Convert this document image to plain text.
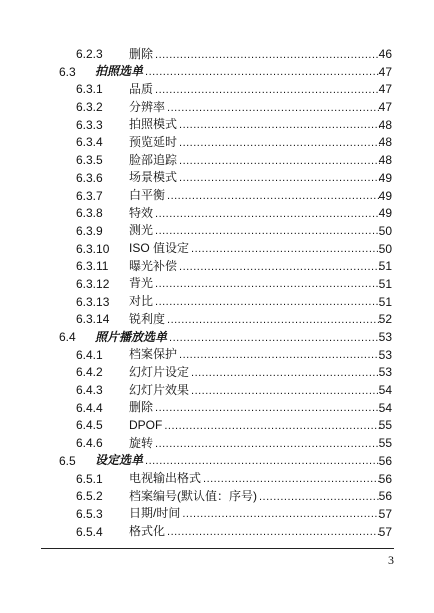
6.2.3	删除 .....	46
6.3	拍照选单 .....	47
6.3.1	品质 .....	47
6.3.2	分辨率 .....	47
6.3.3	拍照模式 .....	48
6.3.4	预览延时 .....	48
6.3.5	脸部追踪 .....	48
6.3.6	场景模式 .....	49
6.3.7	白平衡 .....	49
6.3.8	特效 .....	49
6.3.9	测光 .....	50
6.3.10	ISO 值设定 .....	50
6.3.11	曝光补偿 .....	51
6.3.12	背光 .....	51
6.3.13	对比 .....	51
6.3.14	锐利度 .....	52
6.4	照片播放选单 .....	53
6.4.1	档案保护 .....	53
6.4.2	幻灯片设定 .....	53
6.4.3	幻灯片效果 .....	54
6.4.4	删除 .....	54
6.4.5	DPOF .....	55
6.4.6	旋转 .....	55
6.5	设定选单 .....	56
6.5.1	电视输出格式 .....	56
6.5.2	档案编号(默认值：序号) .....	56
6.5.3	日期/时间 .....	57
6.5.4	格式化 .....	57
3
